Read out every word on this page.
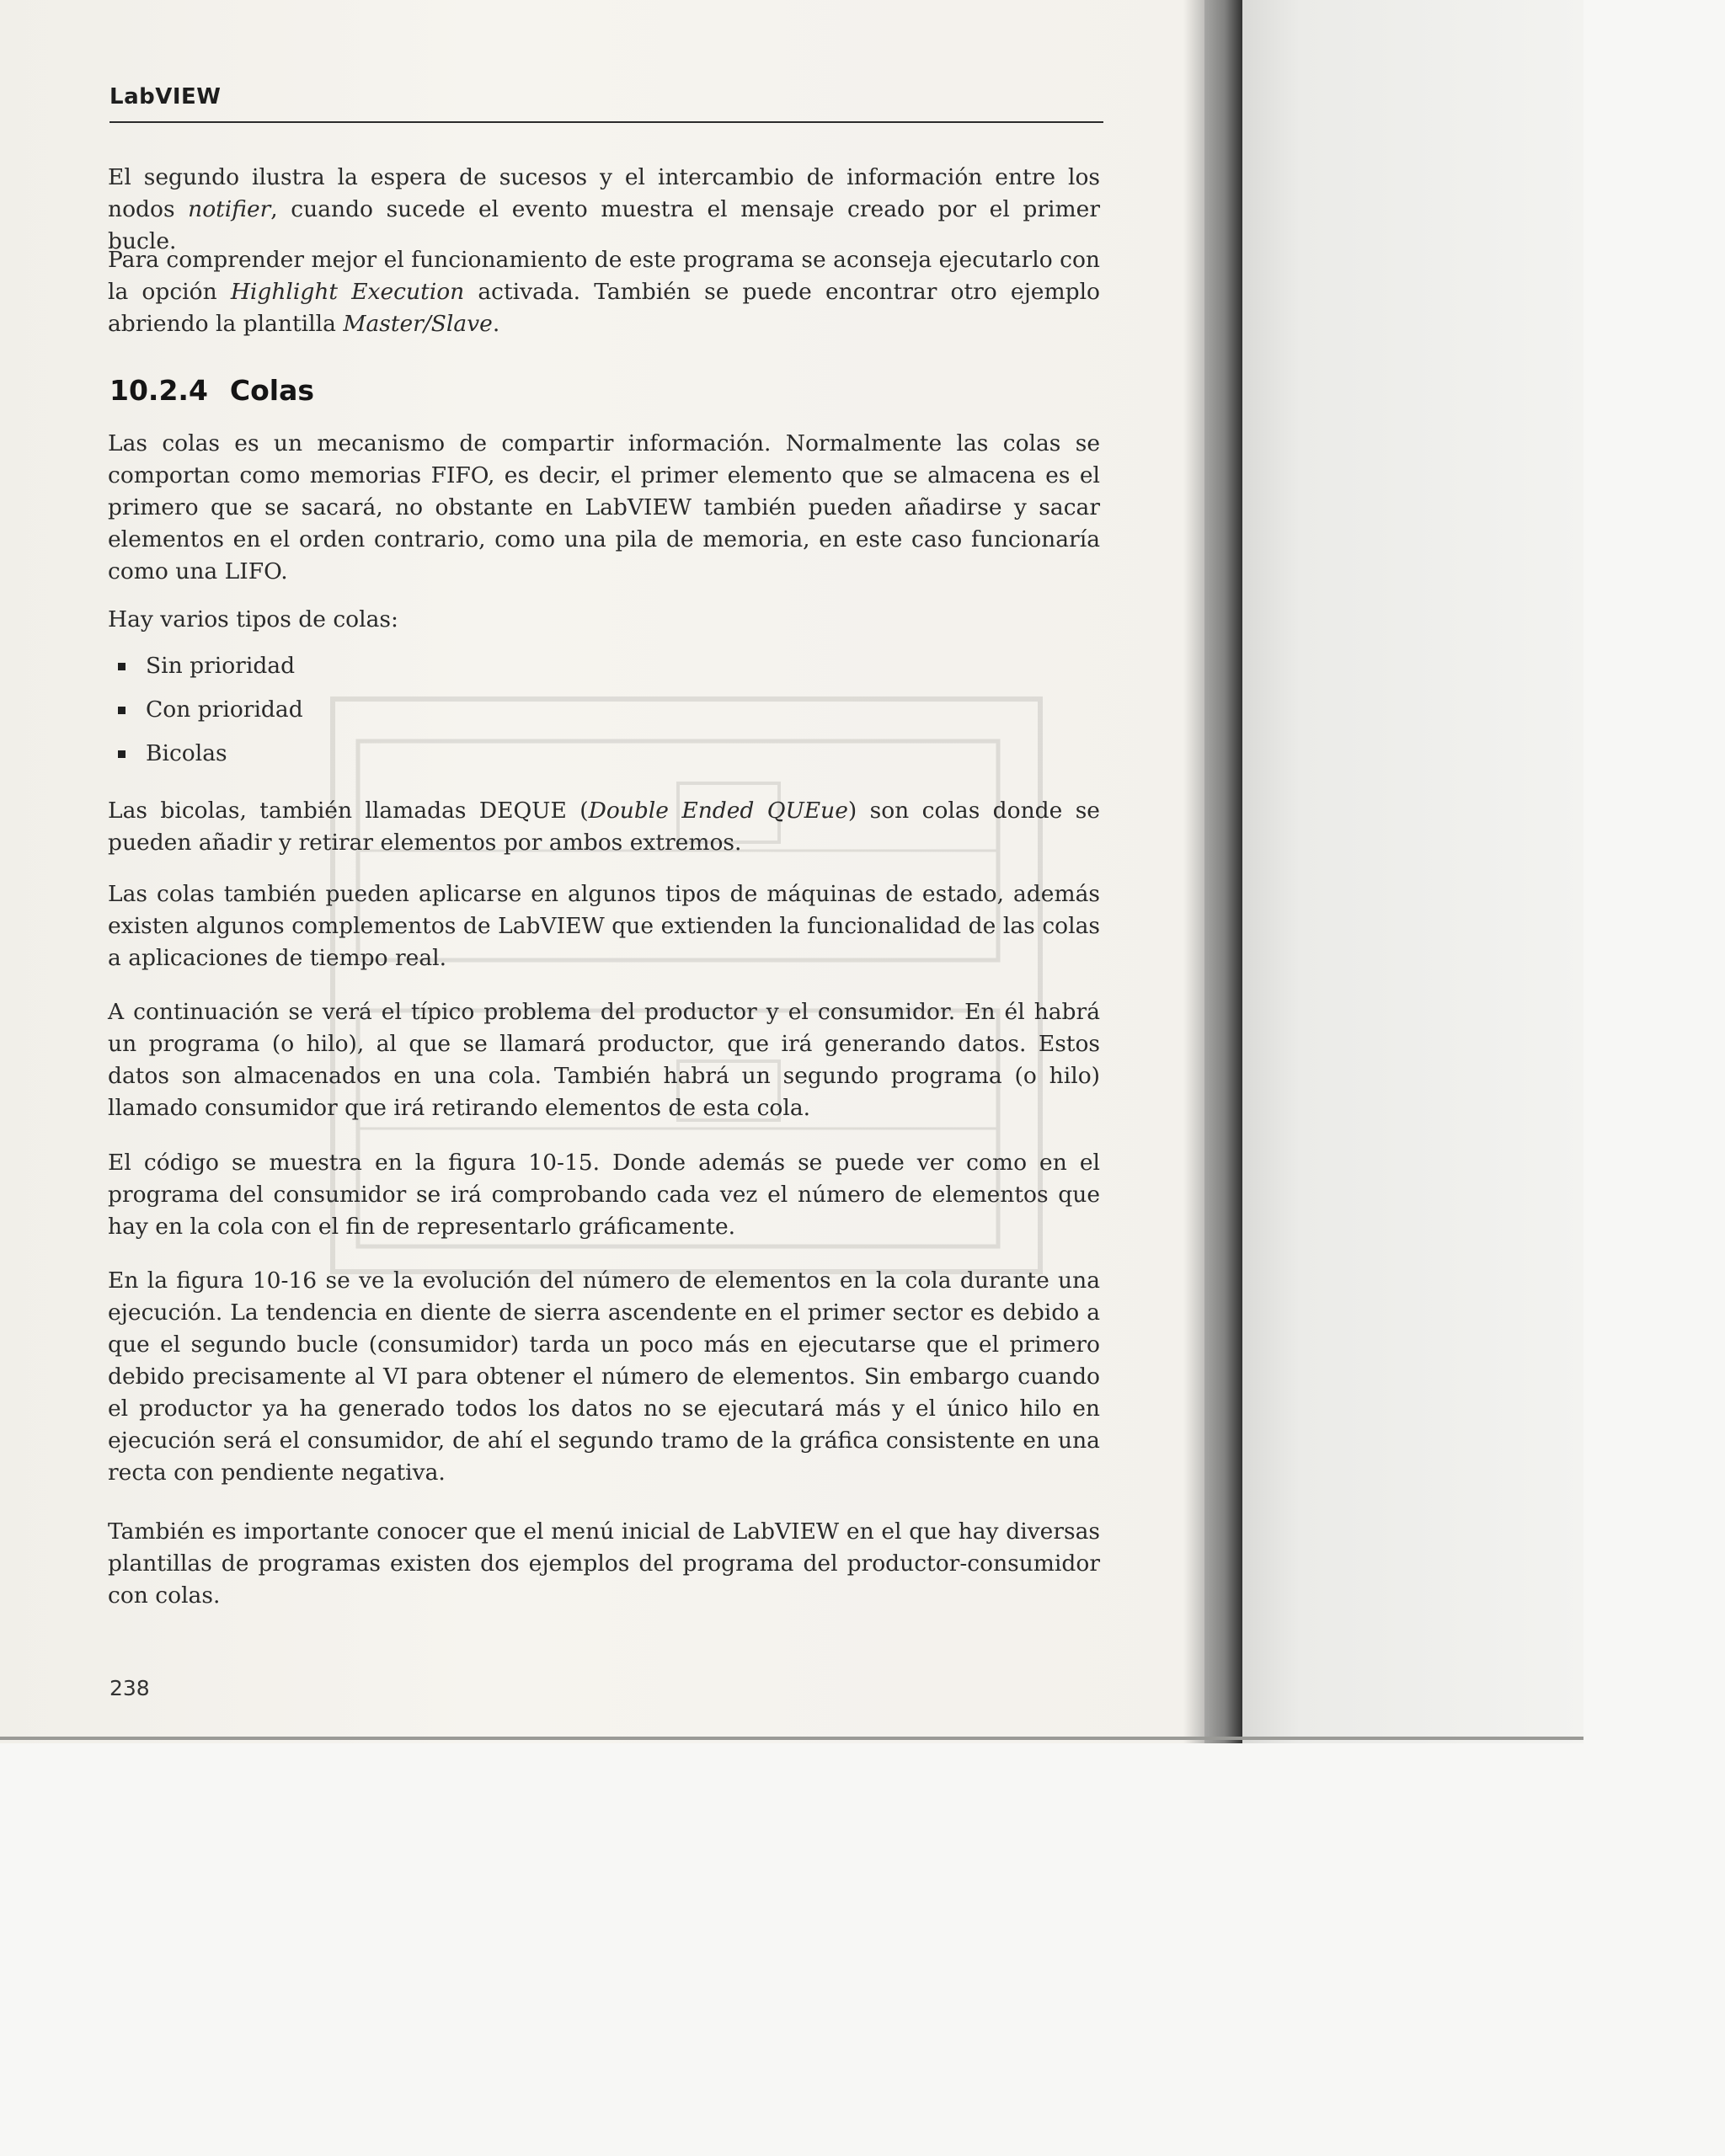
LabVIEW
El segundo ilustra la espera de sucesos y el intercambio de información entre los nodos notifier, cuando sucede el evento muestra el mensaje creado por el primer bucle.
Para comprender mejor el funcionamiento de este programa se aconseja ejecutarlo con la opción Highlight Execution activada. También se puede encontrar otro ejemplo abriendo la plantilla Master/Slave.
10.2.4 Colas
Las colas es un mecanismo de compartir información. Normalmente las colas se comportan como memorias FIFO, es decir, el primer elemento que se almacena es el primero que se sacará, no obstante en LabVIEW también pueden añadirse y sacar elementos en el orden contrario, como una pila de memoria, en este caso funcionaría como una LIFO.
Hay varios tipos de colas:
Sin prioridad
Con prioridad
Bicolas
Las bicolas, también llamadas DEQUE (Double Ended QUEue) son colas donde se pueden añadir y retirar elementos por ambos extremos.
Las colas también pueden aplicarse en algunos tipos de máquinas de estado, además existen algunos complementos de LabVIEW que extienden la funcionalidad de las colas a aplicaciones de tiempo real.
A continuación se verá el típico problema del productor y el consumidor. En él habrá un programa (o hilo), al que se llamará productor, que irá generando datos. Estos datos son almacenados en una cola. También habrá un segundo programa (o hilo) llamado consumidor que irá retirando elementos de esta cola.
El código se muestra en la figura 10-15. Donde además se puede ver como en el programa del consumidor se irá comprobando cada vez el número de elementos que hay en la cola con el fin de representarlo gráficamente.
En la figura 10-16 se ve la evolución del número de elementos en la cola durante una ejecución. La tendencia en diente de sierra ascendente en el primer sector es debido a que el segundo bucle (consumidor) tarda un poco más en ejecutarse que el primero debido precisamente al VI para obtener el número de elementos. Sin embargo cuando el productor ya ha generado todos los datos no se ejecutará más y el único hilo en ejecución será el consumidor, de ahí el segundo tramo de la gráfica consistente en una recta con pendiente negativa.
También es importante conocer que el menú inicial de LabVIEW en el que hay diversas plantillas de programas existen dos ejemplos del programa del productor-consumidor con colas.
238
